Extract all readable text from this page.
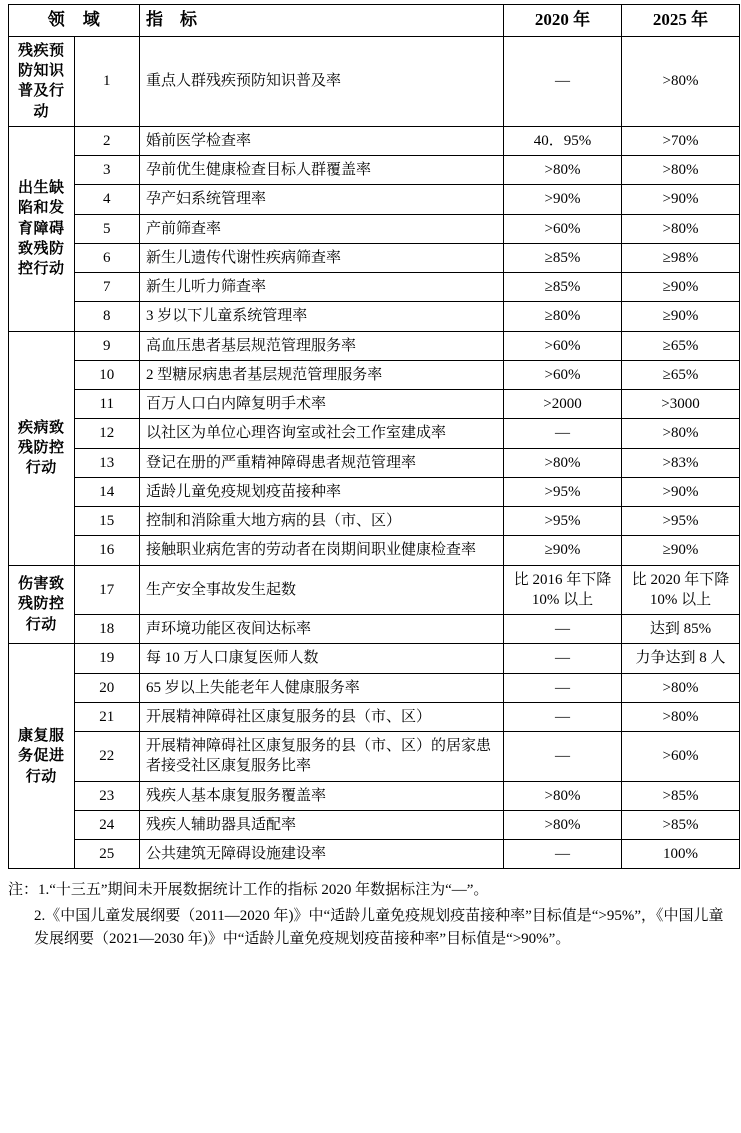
领　域		指　标	2020 年	2025 年
残疾预防知识普及行动	1	重点人群残疾预防知识普及率	—	>80%
出生缺陷和发育障碍致残防控行动	2	婚前医学检查率	40．95%	>70%
	3	孕前优生健康检查目标人群覆盖率	>80%	>80%
	4	孕产妇系统管理率	>90%	>90%
	5	产前筛查率	>60%	>80%
	6	新生儿遗传代谢性疾病筛查率	≥85%	≥98%
	7	新生儿听力筛查率	≥85%	≥90%
	8	3 岁以下儿童系统管理率	≥80%	≥90%
疾病致残防控行动	9	高血压患者基层规范管理服务率	>60%	≥65%
	10	2 型糖尿病患者基层规范管理服务率	>60%	≥65%
	11	百万人口白内障复明手术率	>2000	>3000
	12	以社区为单位心理咨询室或社会工作室建成率	—	>80%
	13	登记在册的严重精神障碍患者规范管理率	>80%	>83%
	14	适龄儿童免疫规划疫苗接种率	>95%	>90%
	15	控制和消除重大地方病的县（市、区）	>95%	>95%
	16	接触职业病危害的劳动者在岗期间职业健康检查率	≥90%	≥90%
伤害致残防控行动	17	生产安全事故发生起数	比 2016 年下降 10% 以上	比 2020 年下降 10% 以上
	18	声环境功能区夜间达标率	—	达到 85%
康复服务促进行动	19	每 10 万人口康复医师人数	—	力争达到 8 人
	20	65 岁以上失能老年人健康服务率	—	>80%
	21	开展精神障碍社区康复服务的县（市、区）	—	>80%
	22	开展精神障碍社区康复服务的县（市、区）的居家患者接受社区康复服务比率	—	>60%
	23	残疾人基本康复服务覆盖率	>80%	>85%
	24	残疾人辅助器具适配率	>80%	>85%
	25	公共建筑无障碍设施建设率	—	100%

注：1.“十三五”期间未开展数据统计工作的指标 2020 年数据标注为“—”。

2.《中国儿童发展纲要（2011—2020 年)》中“适龄儿童免疫规划疫苗接种率”目标值是“>95%”，《中国儿童发展纲要（2021—2030 年)》中“适龄儿童免疫规划疫苗接种率”目标值是“>90%”。
